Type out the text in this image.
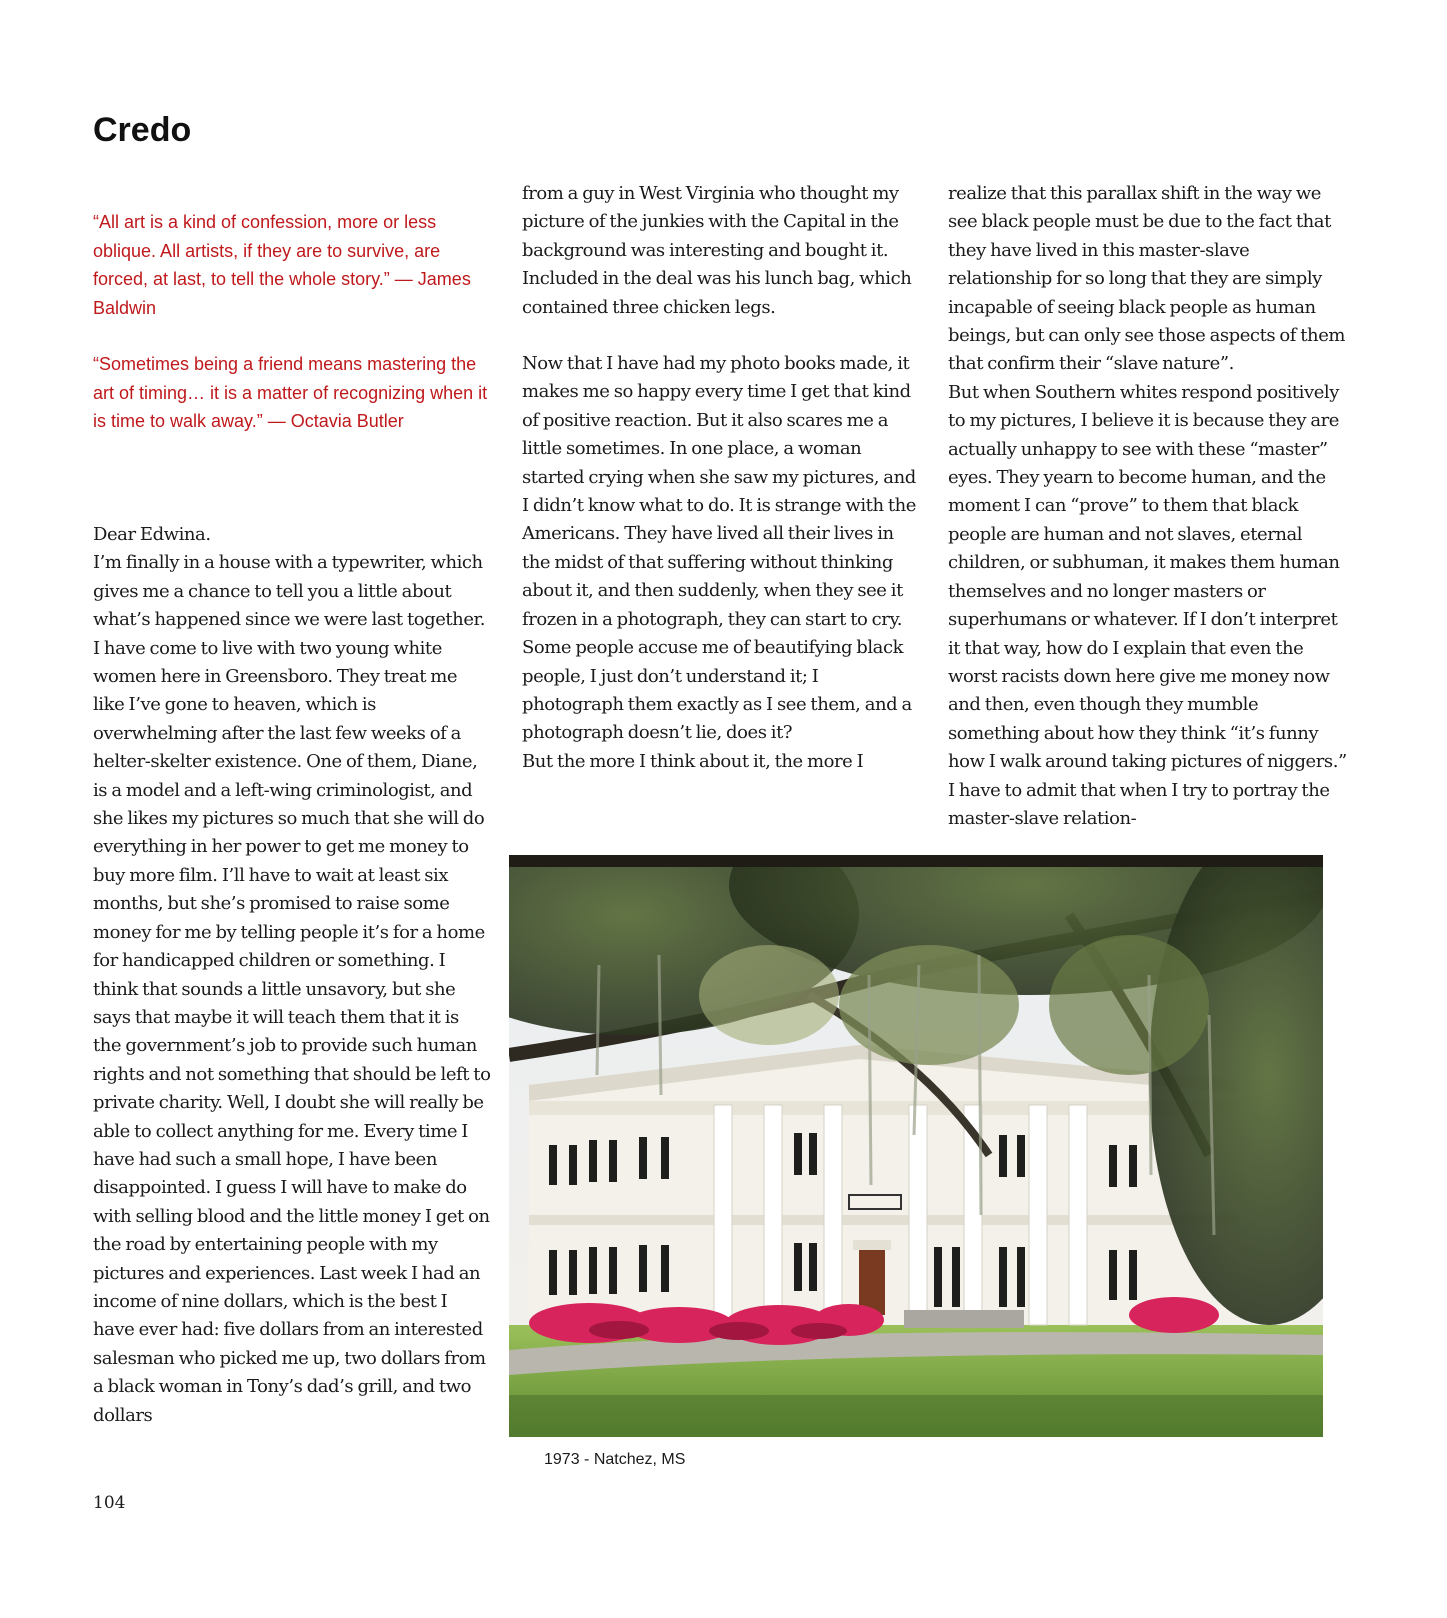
Credo

“All art is a kind of confession, more or less oblique. All artists, if they are to survive, are forced, at last, to tell the whole story.” — James Baldwin

“Sometimes being a friend means mastering the art of timing… it is a matter of recognizing when it is time to walk away.” — Octavia Butler

Dear Edwina.

I’m finally in a house with a typewriter, which gives me a chance to tell you a little about what’s happened since we were last together. I have come to live with two young white women here in Greensboro. They treat me like I’ve gone to heaven, which is overwhelming after the last few weeks of a helter-skelter existence. One of them, Diane, is a model and a left-wing criminologist, and she likes my pictures so much that she will do everything in her power to get me money to buy more film. I’ll have to wait at least six months, but she’s promised to raise some money for me by telling people it’s for a home for handicapped children or something. I think that sounds a little unsavory, but she says that maybe it will teach them that it is the government’s job to provide such human rights and not something that should be left to private charity. Well, I doubt she will really be able to collect anything for me. Every time I have had such a small hope, I have been disappointed. I guess I will have to make do with selling blood and the little money I get on the road by entertaining people with my pictures and experiences. Last week I had an income of nine dollars, which is the best I have ever had: five dollars from an interested salesman who picked me up, two dollars from a black woman in Tony’s dad’s grill, and two dollars

from a guy in West Virginia who thought my picture of the junkies with the Capital in the background was interesting and bought it. Included in the deal was his lunch bag, which contained three chicken legs.

Now that I have had my photo books made, it makes me so happy every time I get that kind of positive reaction. But it also scares me a little sometimes. In one place, a woman started crying when she saw my pictures, and I didn’t know what to do. It is strange with the Americans. They have lived all their lives in the midst of that suffering without thinking about it, and then suddenly, when they see it frozen in a photograph, they can start to cry. Some people accuse me of beautifying black people, I just don’t understand it; I photograph them exactly as I see them, and a photograph doesn’t lie, does it?

But the more I think about it, the more I

realize that this parallax shift in the way we see black people must be due to the fact that they have lived in this master-slave relationship for so long that they are simply incapable of seeing black people as human beings, but can only see those aspects of them that confirm their “slave nature”.

But when Southern whites respond positively to my pictures, I believe it is because they are actually unhappy to see with these “master” eyes. They yearn to become human, and the moment I can “prove” to them that black people are human and not slaves, eternal children, or subhuman, it makes them human themselves and no longer masters or superhumans or whatever. If I don’t interpret it that way, how do I explain that even the worst racists down here give me money now and then, even though they mumble something about how they think “it’s funny how I walk around taking pictures of niggers.” I have to admit that when I try to portray the master-slave relation-

1973 - Natchez, MS
104
